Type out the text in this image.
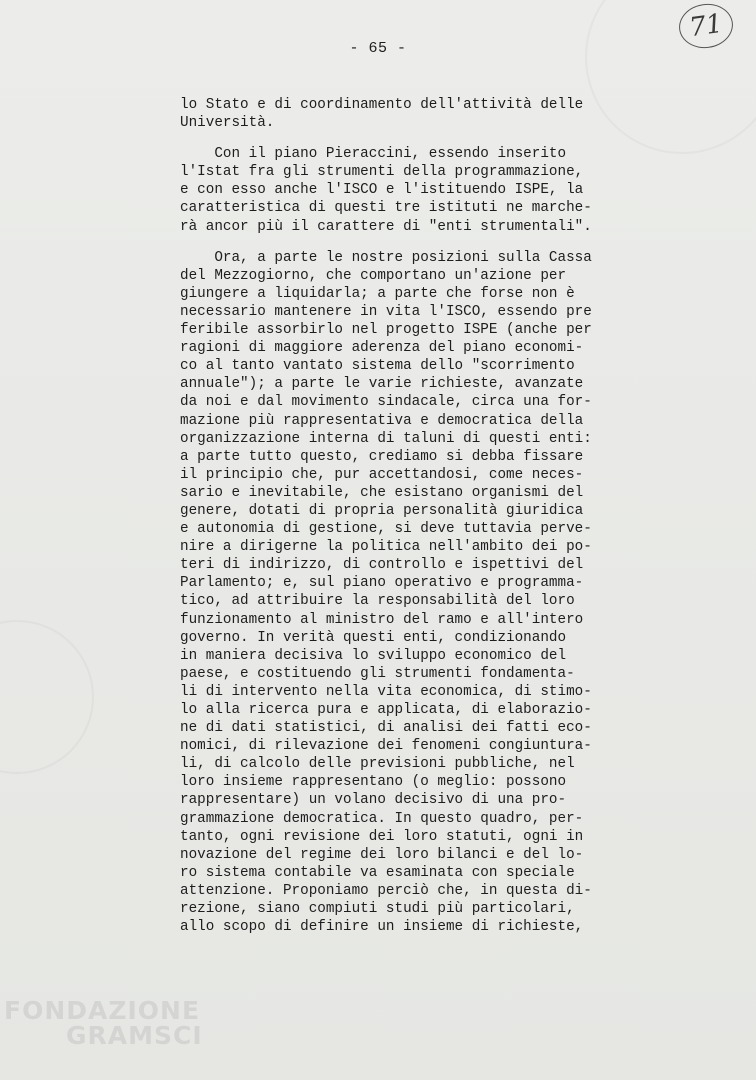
71
- 65 -

lo Stato e di coordinamento dell'attività delle
Università.

Con il piano Pieraccini, essendo inserito
l'Istat fra gli strumenti della programmazione,
e con esso anche l'ISCO e l'istituendo ISPE, la
caratteristica di questi tre istituti ne marche-
rà ancor più il carattere di "enti strumentali".

Ora, a parte le nostre posizioni sulla Cassa
del Mezzogiorno, che comportano un'azione per
giungere a liquidarla; a parte che forse non è
necessario mantenere in vita l'ISCO, essendo pre
feribile assorbirlo nel progetto ISPE (anche per
ragioni di maggiore aderenza del piano economi-
co al tanto vantato sistema dello "scorrimento
annuale"); a parte le varie richieste, avanzate
da noi e dal movimento sindacale, circa una for-
mazione più rappresentativa e democratica della
organizzazione interna di taluni di questi enti:
a parte tutto questo, crediamo si debba fissare
il principio che, pur accettandosi, come neces-
sario e inevitabile, che esistano organismi del
genere, dotati di propria personalità giuridica
e autonomia di gestione, si deve tuttavia perve-
nire a dirigerne la politica nell'ambito dei po-
teri di indirizzo, di controllo e ispettivi del
Parlamento; e, sul piano operativo e programma-
tico, ad attribuire la responsabilità del loro
funzionamento al ministro del ramo e all'intero
governo. In verità questi enti, condizionando
in maniera decisiva lo sviluppo economico del
paese, e costituendo gli strumenti fondamenta-
li di intervento nella vita economica, di stimo-
lo alla ricerca pura e applicata, di elaborazio-
ne di dati statistici, di analisi dei fatti eco-
nomici, di rilevazione dei fenomeni congiuntura-
li, di calcolo delle previsioni pubbliche, nel
loro insieme rappresentano (o meglio: possono
rappresentare) un volano decisivo di una pro-
grammazione democratica. In questo quadro, per-
tanto, ogni revisione dei loro statuti, ogni in
novazione del regime dei loro bilanci e del lo-
ro sistema contabile va esaminata con speciale
attenzione. Proponiamo perciò che, in questa di-
rezione, siano compiuti studi più particolari,
allo scopo di definire un insieme di richieste,

FONDAZIONE
GRAMSCI
